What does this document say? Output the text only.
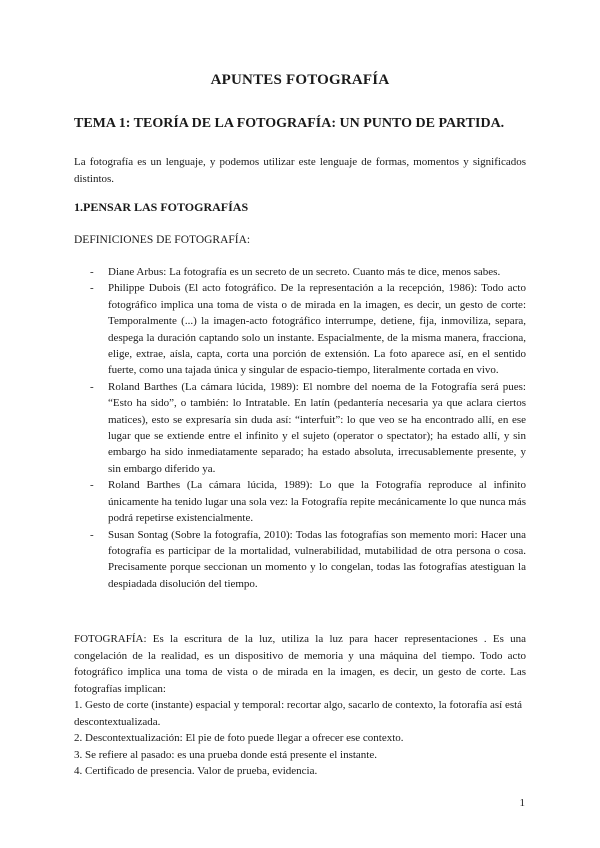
APUNTES FOTOGRAFÍA
TEMA 1: TEORÍA DE LA FOTOGRAFÍA: UN PUNTO DE PARTIDA.

La fotografía es un lenguaje, y podemos utilizar este lenguaje de formas, momentos y significados distintos.

1.PENSAR LAS FOTOGRAFÍAS
DEFINICIONES DE FOTOGRAFÍA:
- Diane Arbus: La fotografía es un secreto de un secreto. Cuanto más te dice, menos sabes.
- Philippe Dubois (El acto fotográfico. De la representación a la recepción, 1986): Todo acto fotográfico implica una toma de vista o de mirada en la imagen, es decir, un gesto de corte: Temporalmente (...) la imagen-acto fotográfico interrumpe, detiene, fija, inmoviliza, separa, despega la duración captando solo un instante. Espacialmente, de la misma manera, fracciona, elige, extrae, aísla, capta, corta una porción de extensión. La foto aparece así, en el sentido fuerte, como una tajada única y singular de espacio-tiempo, literalmente cortada en vivo.
- Roland Barthes (La cámara lúcida, 1989): El nombre del noema de la Fotografía será pues: “Esto ha sido”, o también: lo Intratable. En latín (pedantería necesaria ya que aclara ciertos matices), esto se expresaría sin duda así: “interfuit”: lo que veo se ha encontrado allí, en ese lugar que se extiende entre el infinito y el sujeto (operator o spectator); ha estado allí, y sin embargo ha sido inmediatamente separado; ha estado absoluta, irrecusablemente presente, y sin embargo diferido ya.
- Roland Barthes (La cámara lúcida, 1989): Lo que la Fotografía reproduce al infinito únicamente ha tenido lugar una sola vez: la Fotografía repite mecánicamente lo que nunca más podrá repetirse existencialmente.
- Susan Sontag (Sobre la fotografía, 2010): Todas las fotografías son memento mori: Hacer una fotografía es participar de la mortalidad, vulnerabilidad, mutabilidad de otra persona o cosa. Precisamente porque seccionan un momento y lo congelan, todas las fotografías atestiguan la despiadada disolución del tiempo.

FOTOGRAFÍA: Es la escritura de la luz, utiliza la luz para hacer representaciones . Es una congelación de la realidad, es un dispositivo de memoria y una máquina del tiempo. Todo acto fotográfico implica una toma de vista o de mirada en la imagen, es decir, un gesto de corte. Las fotografías implican:

1. Gesto de corte (instante) espacial y temporal: recortar algo, sacarlo de contexto, la fotorafía así está descontextualizada.
2. Descontextualización: El pie de foto puede llegar a ofrecer ese contexto.
3. Se refiere al pasado: es una prueba donde está presente el instante.
4. Certificado de presencia. Valor de prueba, evidencia.
1
